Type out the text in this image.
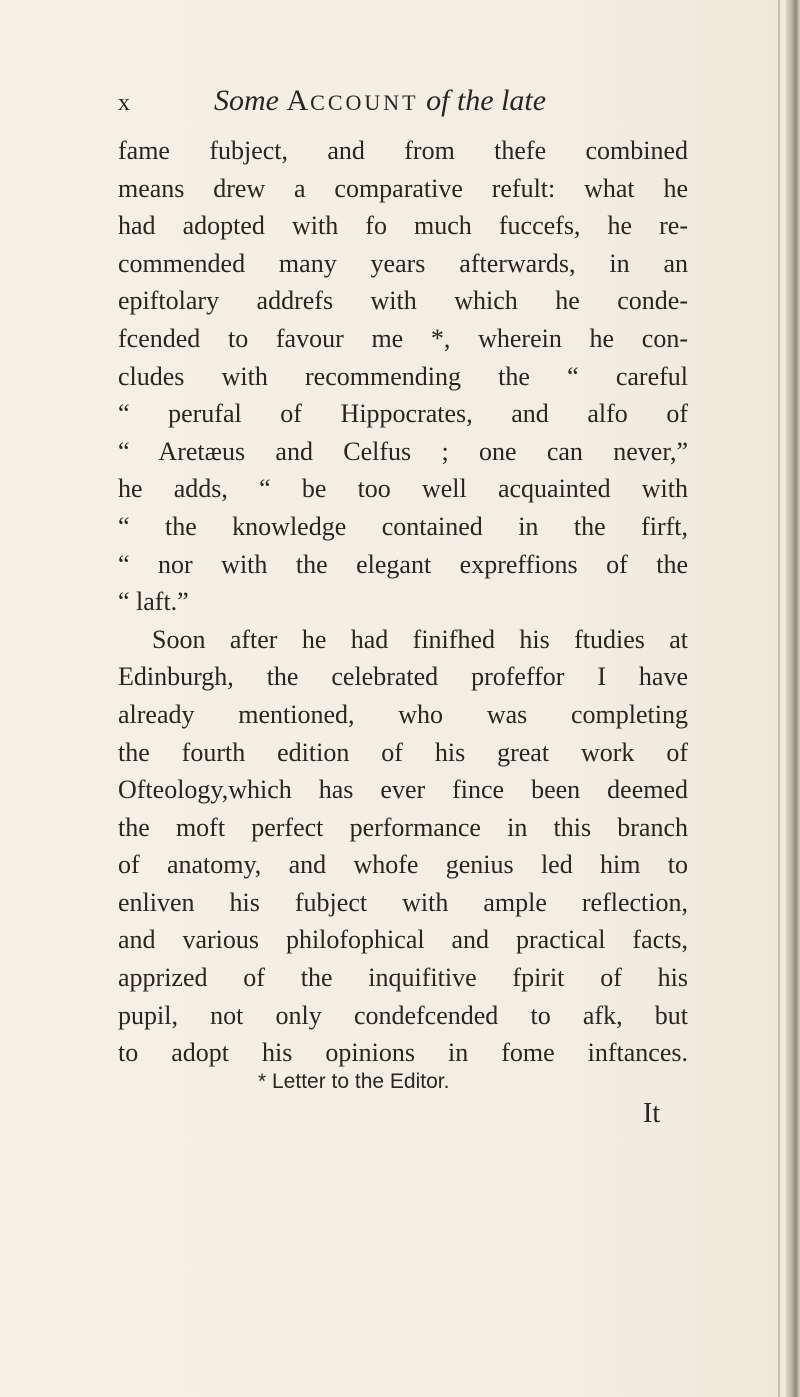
x	Some ACCOUNT of the late
fame fubject, and from thefe combined
means drew a comparative refult: what he
had adopted with fo much fuccefs, he re-
commended many years afterwards, in an
epiftolary addrefs with which he conde-
fcended to favour me *, wherein he con-
cludes with recommending the “ careful
“ perufal of Hippocrates, and alfo of
“ Aretæus and Celfus ; one can never,”
he adds, “ be too well acquainted with
“ the knowledge contained in the firft,
“ nor with the elegant expreffions of the
“ laft.”
Soon after he had finifhed his ftudies at
Edinburgh, the celebrated profeffor I have
already mentioned, who was completing
the fourth edition of his great work of
Ofteology,which has ever fince been deemed
the moft perfect performance in this branch
of anatomy, and whofe genius led him to
enliven his fubject with ample reflection,
and various philofophical and practical facts,
apprized of the inquifitive fpirit of his
pupil, not only condefcended to afk, but
to adopt his opinions in fome inftances.
* Letter to the Editor.
It
